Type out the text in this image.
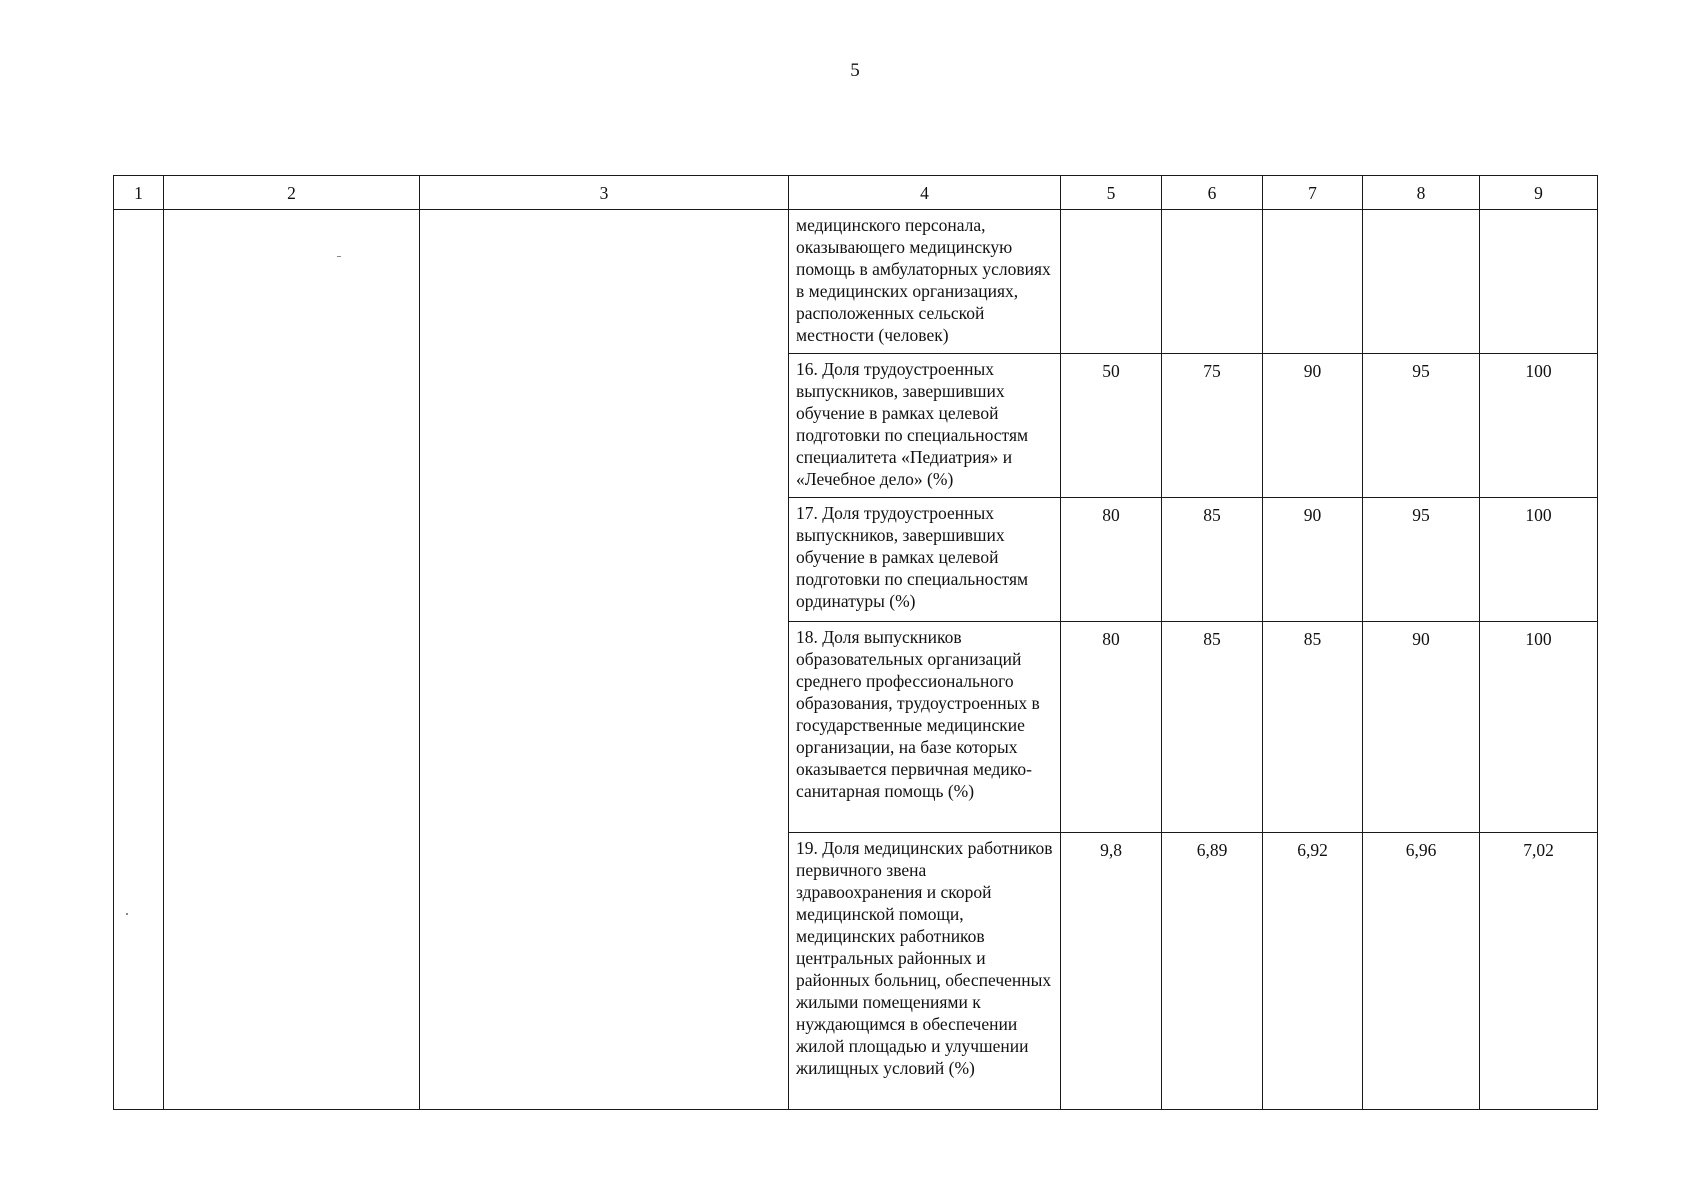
5
1	2	3	4	5	6	7	8	9
			медицинского персонала, оказывающего медицинскую помощь в амбулаторных условиях в медицинских организациях, расположенных сельской местности (человек)					
			16. Доля трудоустроенных выпускников, завершивших обучение в рамках целевой подготовки по специальностям специалитета «Педиатрия» и «Лечебное дело» (%)	50	75	90	95	100
			17. Доля трудоустроенных выпускников, завершивших обучение в рамках целевой подготовки по специальностям ординатуры (%)	80	85	90	95	100
			18. Доля выпускников образовательных организаций среднего профессионального образования, трудоустроенных в государственные медицинские организации, на базе которых оказывается первичная медико-санитарная помощь (%)	80	85	85	90	100
			19. Доля медицинских работников первичного звена здравоохранения и скорой медицинской помощи, медицинских работников центральных районных и районных больниц, обеспеченных жилыми помещениями к нуждающимся в обеспечении жилой площадью и улучшении жилищных условий (%)	9,8	6,89	6,92	6,96	7,02
